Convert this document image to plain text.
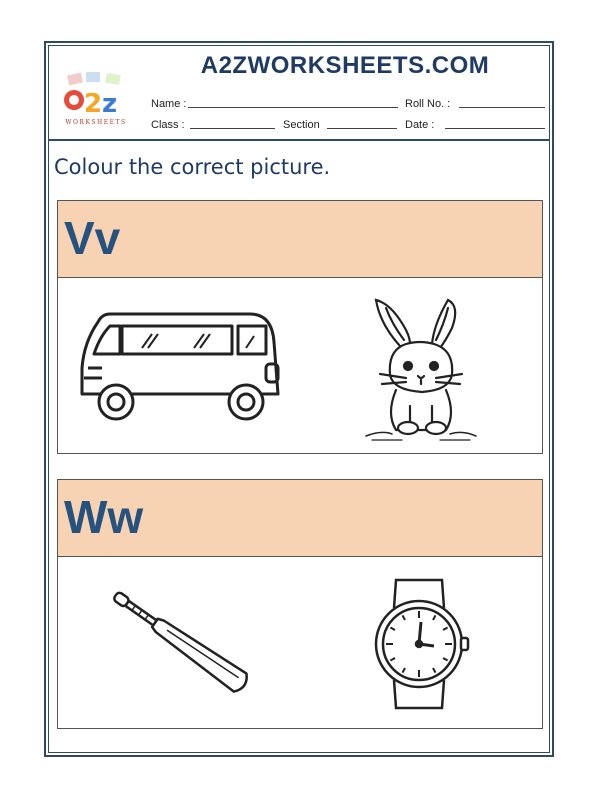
2 z
WORKSHEETS
A2ZWORKSHEETS.COM
Name :	Roll No. :
Class :	Section	Date :
Colour the correct picture.
Vv
Ww
